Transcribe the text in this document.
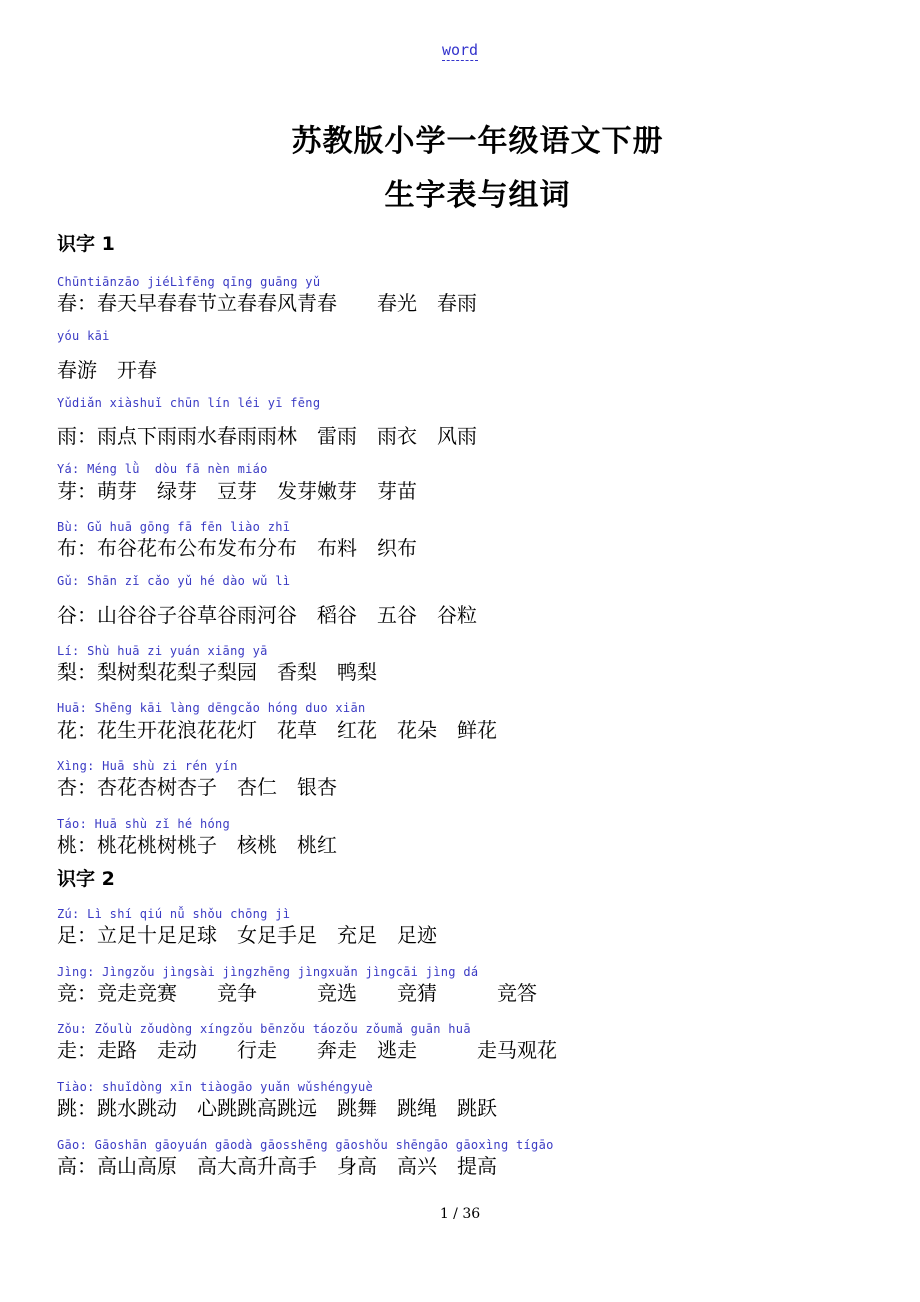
word
苏教版小学一年级语文下册
生字表与组词
识字 1
Chūntiānzāo jiéLìfēng qīng guāng yǔ
春：春天早春春节立春春风青春　　春光　春雨
yóu kāi
春游　开春
Yǔdiǎn xiàshuǐ chūn lín léi yī fēng
雨：雨点下雨雨水春雨雨林　雷雨　雨衣　风雨
Yá: Méng lǜ  dòu fā nèn miáo
芽：萌芽　绿芽　豆芽　发芽嫩芽　芽苗
Bù: Gǔ huā gōng fā fēn liào zhī
布：布谷花布公布发布分布　布料　织布
Gǔ: Shān zǐ cǎo yǔ hé dào wǔ lì
谷：山谷谷子谷草谷雨河谷　稻谷　五谷　谷粒
Lí: Shù huā zi yuán xiāng yā
梨：梨树梨花梨子梨园　香梨　鸭梨
Huā: Shēng kāi làng dēngcǎo hóng duo xiān
花：花生开花浪花花灯　花草　红花　花朵　鲜花
Xìng: Huā shù zi rén yín
杏：杏花杏树杏子　杏仁　银杏
Táo: Huā shù zǐ hé hóng
桃：桃花桃树桃子　核桃　桃红
识字 2
Zú: Lì shí qiú nǚ shǒu chōng jì
足：立足十足足球　女足手足　充足　足迹
Jìng: Jìngzǒu jìngsài jìngzhēng jìngxuǎn jìngcāi jìng dá
竞：竞走竞赛　　竞争　　　竞选　　竞猜　　　竞答
Zǒu: Zǒulù zǒudòng xíngzǒu bēnzǒu táozǒu zǒumǎ guān huā
走：走路　走动　　行走　　奔走　逃走　　　走马观花
Tiào: shuǐdòng xīn tiàogāo yuǎn wǔshéngyuè
跳：跳水跳动　心跳跳高跳远　跳舞　跳绳　跳跃
Gāo: Gāoshān gāoyuán gāodà gāosshēng gāoshǒu shēngāo gāoxìng tígāo
高：高山高原　高大高升高手　身高　高兴　提高
1 / 36
